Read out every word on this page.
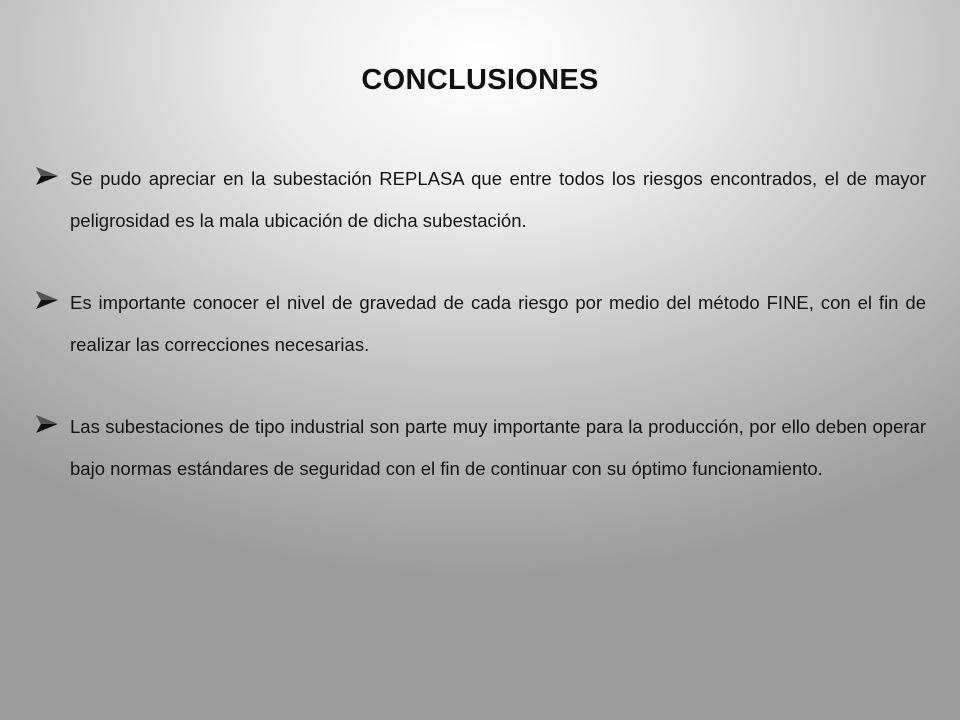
CONCLUSIONES
Se pudo apreciar en la subestación REPLASA que entre todos los riesgos encontrados, el de mayor peligrosidad es la mala ubicación de dicha subestación.
Es importante conocer el nivel de gravedad de cada riesgo por medio del método FINE, con el fin de realizar las correcciones necesarias.
Las subestaciones de tipo industrial son parte muy importante para la producción, por ello deben operar bajo normas estándares de seguridad con el fin de continuar con su óptimo funcionamiento.
